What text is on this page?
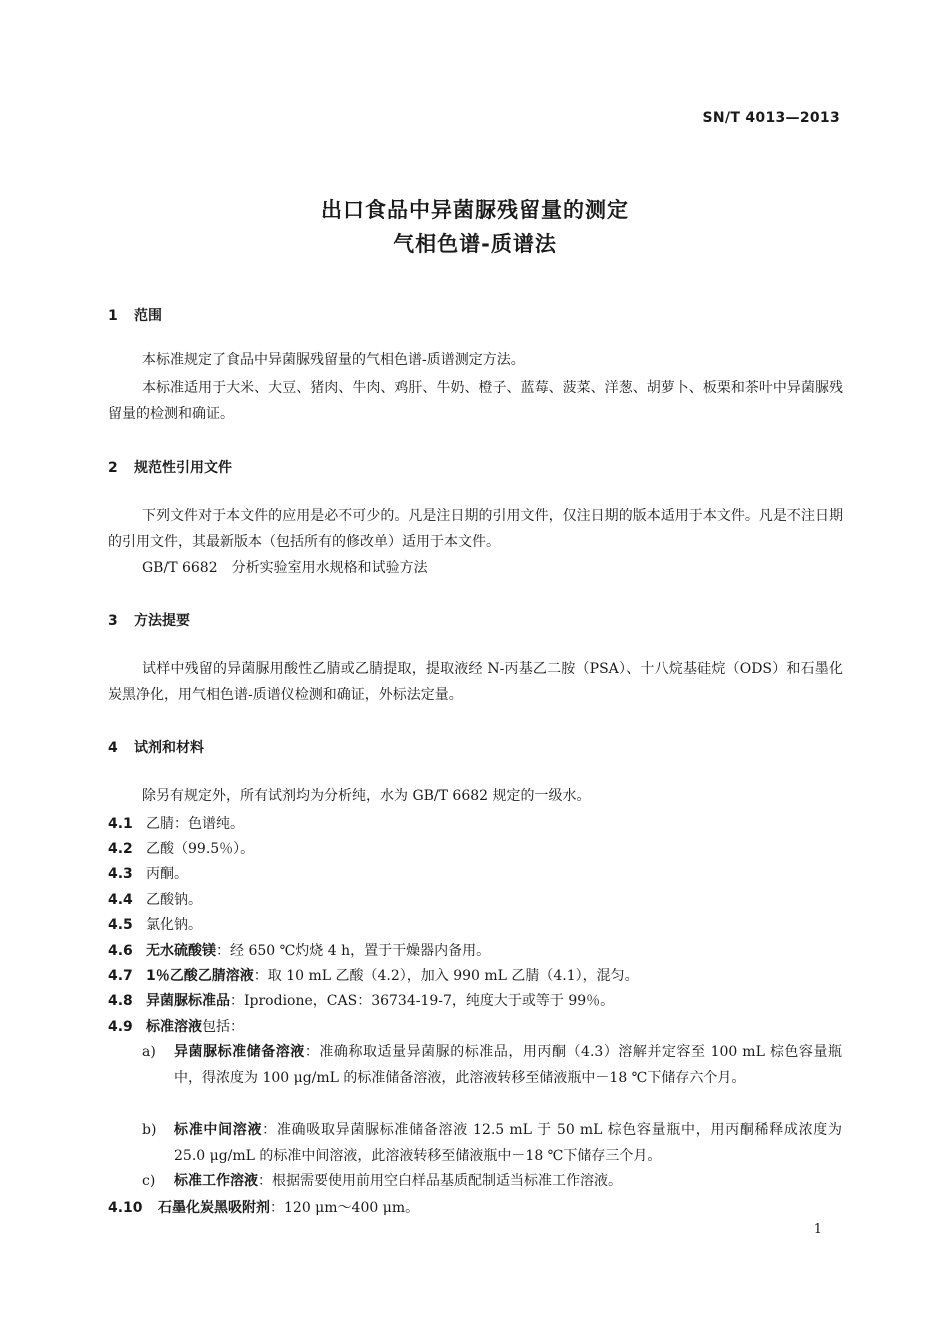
SN/T 4013—2013
出口食品中异菌脲残留量的测定
气相色谱-质谱法
1 范围
本标准规定了食品中异菌脲残留量的气相色谱-质谱测定方法。
本标准适用于大米、大豆、猪肉、牛肉、鸡肝、牛奶、橙子、蓝莓、菠菜、洋葱、胡萝卜、板栗和茶叶中异菌脲残留量的检测和确证。
2 规范性引用文件
下列文件对于本文件的应用是必不可少的。凡是注日期的引用文件，仅注日期的版本适用于本文件。凡是不注日期的引用文件，其最新版本（包括所有的修改单）适用于本文件。
GB/T 6682　分析实验室用水规格和试验方法
3 方法提要
试样中残留的异菌脲用酸性乙腈或乙腈提取，提取液经 N-丙基乙二胺（PSA）、十八烷基硅烷（ODS）和石墨化炭黑净化，用气相色谱-质谱仪检测和确证，外标法定量。
4 试剂和材料
除另有规定外，所有试剂均为分析纯，水为 GB/T 6682 规定的一级水。
4.1 乙腈：色谱纯。
4.2 乙酸（99.5％）。
4.3 丙酮。
4.4 乙酸钠。
4.5 氯化钠。
4.6 无水硫酸镁：经 650 ℃灼烧 4 h，置于干燥器内备用。
4.7 1％乙酸乙腈溶液：取 10 mL 乙酸（4.2），加入 990 mL 乙腈（4.1），混匀。
4.8 异菌脲标准品：Iprodione，CAS：36734-19-7，纯度大于或等于 99％。
4.9 标准溶液包括：
a)	异菌脲标准储备溶液：准确称取适量异菌脲的标准品，用丙酮（4.3）溶解并定容至 100 mL 棕色容量瓶中，得浓度为 100 μg/mL 的标准储备溶液，此溶液转移至储液瓶中－18 ℃下储存六个月。
b)	标准中间溶液：准确吸取异菌脲标准储备溶液 12.5 mL 于 50 mL 棕色容量瓶中，用丙酮稀释成浓度为 25.0 μg/mL 的标准中间溶液，此溶液转移至储液瓶中－18 ℃下储存三个月。
c)	标准工作溶液：根据需要使用前用空白样品基质配制适当标准工作溶液。
4.10 石墨化炭黑吸附剂：120 μm～400 μm。
1
